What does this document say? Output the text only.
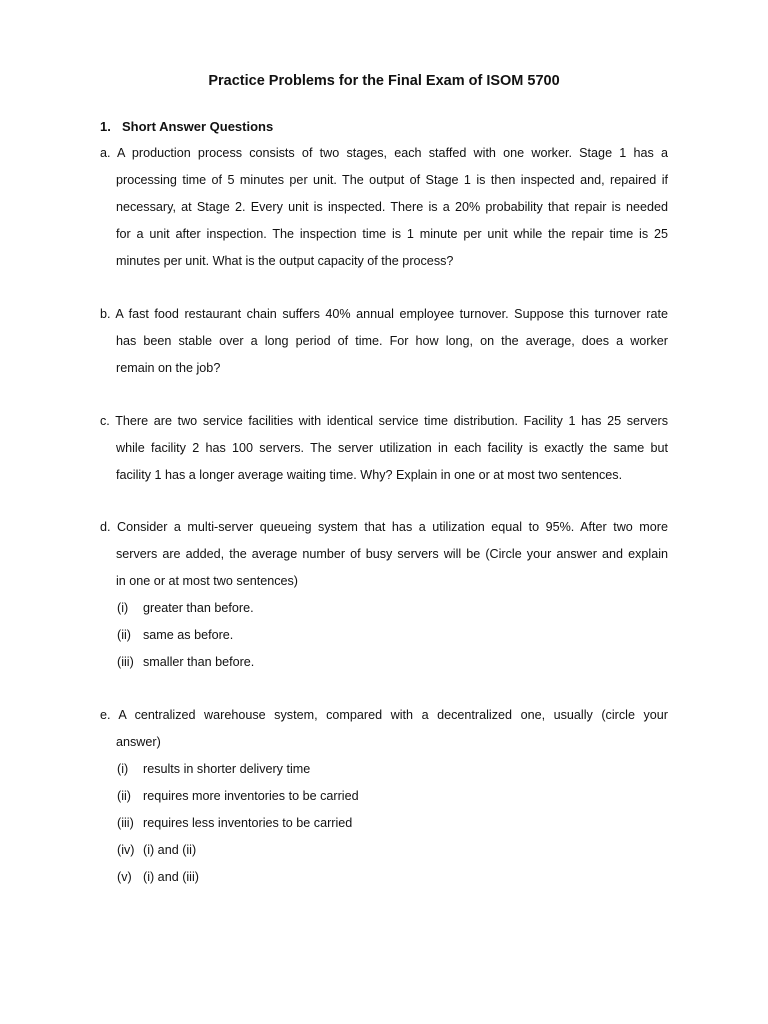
Practice Problems for the Final Exam of ISOM 5700
1. Short Answer Questions
a. A production process consists of two stages, each staffed with one worker. Stage 1 has a
processing time of 5 minutes per unit. The output of Stage 1 is then inspected and, repaired if
necessary, at Stage 2. Every unit is inspected. There is a 20% probability that repair is needed
for a unit after inspection. The inspection time is 1 minute per unit while the repair time is 25
minutes per unit. What is the output capacity of the process?
b. A fast food restaurant chain suffers 40% annual employee turnover. Suppose this turnover rate
has been stable over a long period of time. For how long, on the average, does a worker
remain on the job?
c. There are two service facilities with identical service time distribution. Facility 1 has 25 servers
while facility 2 has 100 servers. The server utilization in each facility is exactly the same but
facility 1 has a longer average waiting time. Why? Explain in one or at most two sentences.
d. Consider a multi-server queueing system that has a utilization equal to 95%. After two more
servers are added, the average number of busy servers will be (Circle your answer and explain
in one or at most two sentences)
(i) greater than before.
(ii) same as before.
(iii) smaller than before.
e. A centralized warehouse system, compared with a decentralized one, usually (circle your
answer)
(i) results in shorter delivery time
(ii) requires more inventories to be carried
(iii) requires less inventories to be carried
(iv) (i) and (ii)
(v) (i) and (iii)
